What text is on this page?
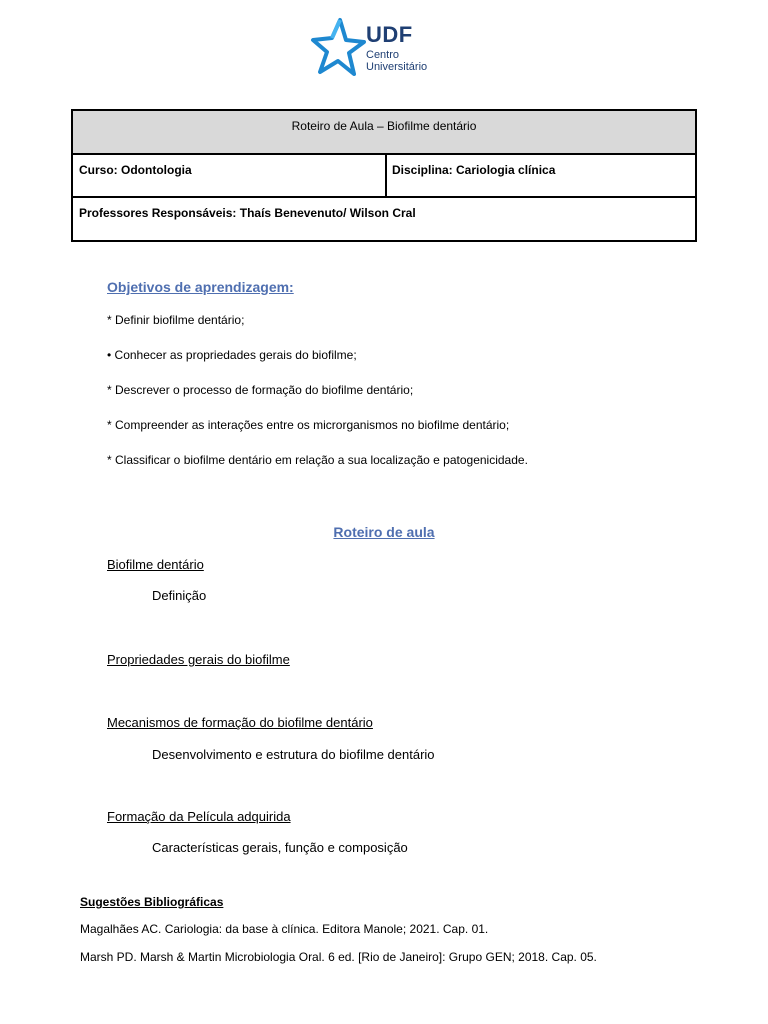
UDF
Centro
Universitário
Roteiro de Aula – Biofilme dentário
Curso: Odontologia	Disciplina: Cariologia clínica
Professores Responsáveis: Thaís Benevenuto/ Wilson Cral
Objetivos de aprendizagem:
* Definir biofilme dentário;
• Conhecer as propriedades gerais do biofilme;
* Descrever o processo de formação do biofilme dentário;
* Compreender as interações entre os microrganismos no biofilme dentário;
* Classificar o biofilme dentário em relação a sua localização e patogenicidade.
Roteiro de aula
Biofilme dentário
Definição
Propriedades gerais do biofilme
Mecanismos de formação do biofilme dentário
Desenvolvimento e estrutura do biofilme dentário
Formação da Película adquirida
Características gerais, função e composição
Sugestões Bibliográficas
Magalhães AC. Cariologia: da base à clínica. Editora Manole; 2021. Cap. 01.
Marsh PD. Marsh & Martin Microbiologia Oral. 6 ed. [Rio de Janeiro]: Grupo GEN; 2018. Cap. 05.
